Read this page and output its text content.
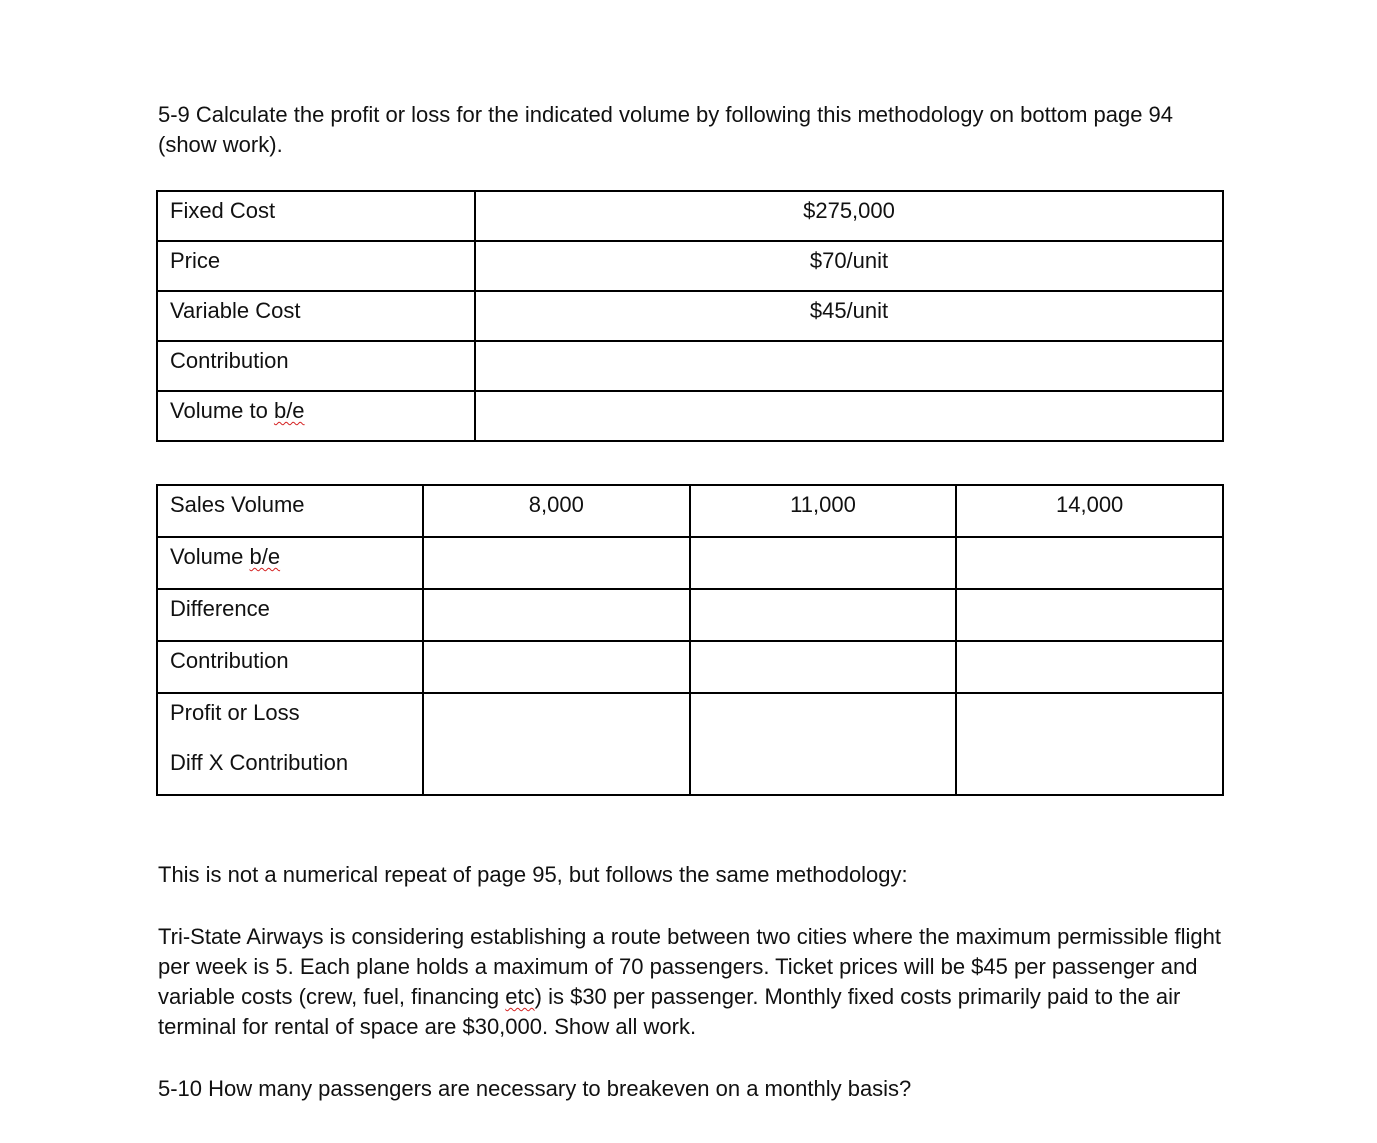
5-9 Calculate the profit or loss for the indicated volume by following this methodology on bottom page 94 (show work).

Fixed Cost	$275,000
Price	$70/unit
Variable Cost	$45/unit
Contribution	
Volume to b/e	
Sales Volume	8,000	11,000	14,000
Volume b/e			
Difference			
Contribution			

Profit or Loss
Diff X Contribution			

This is not a numerical repeat of page 95, but follows the same methodology:

Tri-State Airways is considering establishing a route between two cities where the maximum permissible flight per week is 5. Each plane holds a maximum of 70 passengers. Ticket prices will be $45 per passenger and variable costs (crew, fuel, financing etc) is $30 per passenger. Monthly fixed costs primarily paid to the air terminal for rental of space are $30,000. Show all work.

5-10 How many passengers are necessary to breakeven on a monthly basis?
